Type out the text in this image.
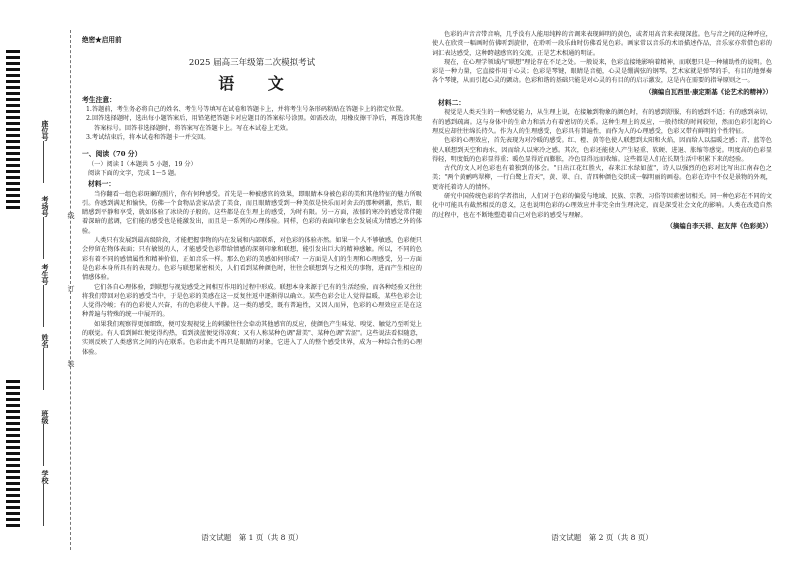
座位号
考场号
考生号
姓名
班级
学校
线
订
装
绝密★启用前
2025 届高三年级第二次模拟考试
语 文
考生注意：
1.答题前，考生务必将自己的姓名、考生号等填写在试卷和答题卡上，并将考生号条形码粘贴在答题卡上的指定位置。
2.回答选择题时，选出每小题答案后，用铅笔把答题卡对应题目的答案标号涂黑。如需改动，用橡皮擦干净后，再选涂其他答案标号。回答非选择题时，将答案写在答题卡上。写在本试卷上无效。
3.考试结束后，将本试卷和答题卡一并交回。
一、阅读（70 分）
（一）阅读 I（本题共 5 小题，19 分）
阅读下面的文字，完成 1～5 题。
材料一：

当你翻看一组色彩斑斓的照片，你有何种感受。首先是一种被感官的效果，即眼睛本身被色彩的美和其他特征的魅力所吸引。你感到满足和愉快，仿佛一个食物品尝家品尝了美食，而且眼睛感受到一种美似是快乐而对舍去的那种刺激，然后，眼睛感到平静和享受，就如体验了冰块的子般的。这些都是在生理上的感受，为时有限。另一方面，浓郁的寒冷的感觉常伴随着深暗的蓝调，它们能的感受也是能激发出，而且是一系列的心理体验。同样，色彩的表面印象也会发展成为情感之外的体验。

人类只有发展到最高级阶段，才能把握事物的内在发展和内部联系，对色彩的体验亦然。如果一个人不够敏感，色彩便只会停留在物体表面；只有敏锐的人，才能感受色彩带给情感的深刻印象和联想，能引发出巨大的精神感触。所以，不同的色彩有着不同的感情属性和精神价值，正如音乐一样。那么色彩的美感如何形成？一方面是人们的生理和心理感受，另一方面是色彩本身所具有的表现力。色彩与联想紧密相关，人们看到某种颜色时，往往会联想到与之相关的事物，进而产生相应的情感体验。

它们各自心理体验，到联想与视觉感受之间相互作用的过程中形成。联想本身来源于已有的生活经验，而各种经验又往往将我们带回对色彩的感受当中，于是色彩的美感在这一反复往返中逐渐得以确立。某些色彩会让人觉得温暖，某些色彩会让人觉得冷峻；有的色彩使人兴奋，有的色彩使人平静。这一类的感受，既有普遍性，又因人而异，色彩的心理效应正是在这种普遍与特殊的统一中展开的。

如果我们观察得更加细致，便可发现视觉上的刺激往往会牵动其他感官的反应，使颜色产生味觉、嗅觉、触觉乃至听觉上的联觉。有人看到鲜红便觉得灼热，看到淡蓝便觉得凉爽；又有人称某种色调"甜美"、某种色调"苦涩"。这些说法看似随意，实则反映了人类感官之间的内在联系。色彩由此不再只是眼睛的对象，它进入了人的整个感受世界，成为一种综合性的心理体验。

色彩的声音音带音响，几乎没有人能用纯粹的音调来表现鲜明的黄色，或者用高音来表现深蓝。色与音之间的这种呼应，使人在欣赏一幅画时仿佛听到旋律，在聆听一段乐曲时仿佛看见色彩。画家常以音乐的术语描述作品，音乐家亦常借色彩的词汇表达感受，这种跨越感官的交流，正是艺术相通的明证。

现在，在心理学领域内"联想"理论存在不足之处。一般说来，色彩直接地影响着精神，而联想只是一种辅助性的说明。色彩是一种力量，它直接作用于心灵；色彩是琴键，眼睛是音槌，心灵是绷满弦的钢琴。艺术家就是弹琴的手，有目的地弹奏各个琴键，从而引起心灵的颤动。色彩和谐的基础只能是对心灵的有目的的启示激发，这是内在需要的指导原则之一。

（摘编自瓦西里·康定斯基《论艺术的精神》）
材料二：

视觉是人类天生的一种感觉能力，从生理上说，在接触到物象的颜色时，有的感到舒服，有的感到不适；有的感到亲切，有的感到疏离。这与身体中的生命力和活力有着密切的关系。这种生理上的反应，一般持续的时间较短，然而色彩引起的心理反应却往往绵长持久。作为人的生理感受，色彩具有普遍性，而作为人的心理感受，色彩又带有鲜明的个性特征。

色彩的心理效应，首先表现为对冷暖的感受。红、橙、黄等色使人联想到太阳和火焰，因而给人以温暖之感；青、蓝等色使人联想到天空和海水，因而给人以寒冷之感。其次，色彩还能使人产生轻重、软硬、进退、胀缩等感觉。明度高的色彩显得轻，明度低的色彩显得重；暖色显得近而膨胀，冷色显得远而收缩。这些都是人们在长期生活中积累下来的经验。

古代的文人对色彩也有着独到的体会。"日出江花红胜火，春来江水绿如蓝"，诗人以强烈的色彩对比写出江南春色之美；"两个黄鹂鸣翠柳，一行白鹭上青天"，黄、翠、白、青四种颜色交织成一幅明丽的画卷。色彩在诗中不仅是景物的外观，更寄托着诗人的情怀。

研究中国传统色彩的学者指出，人们对于色彩的偏爱与地域、民族、宗教、习俗等因素密切相关。同一种色彩在不同的文化中可能具有截然相反的意义，这也说明色彩的心理效应并非完全由生理决定，而是深受社会文化的影响。人类在改造自然的过程中，也在不断地塑造着自己对色彩的感受与理解。

（摘编自李天祥、赵友萍《色彩美》）
语文试题　第 1 页（共 8 页）	语文试题　第 2 页（共 8 页）
